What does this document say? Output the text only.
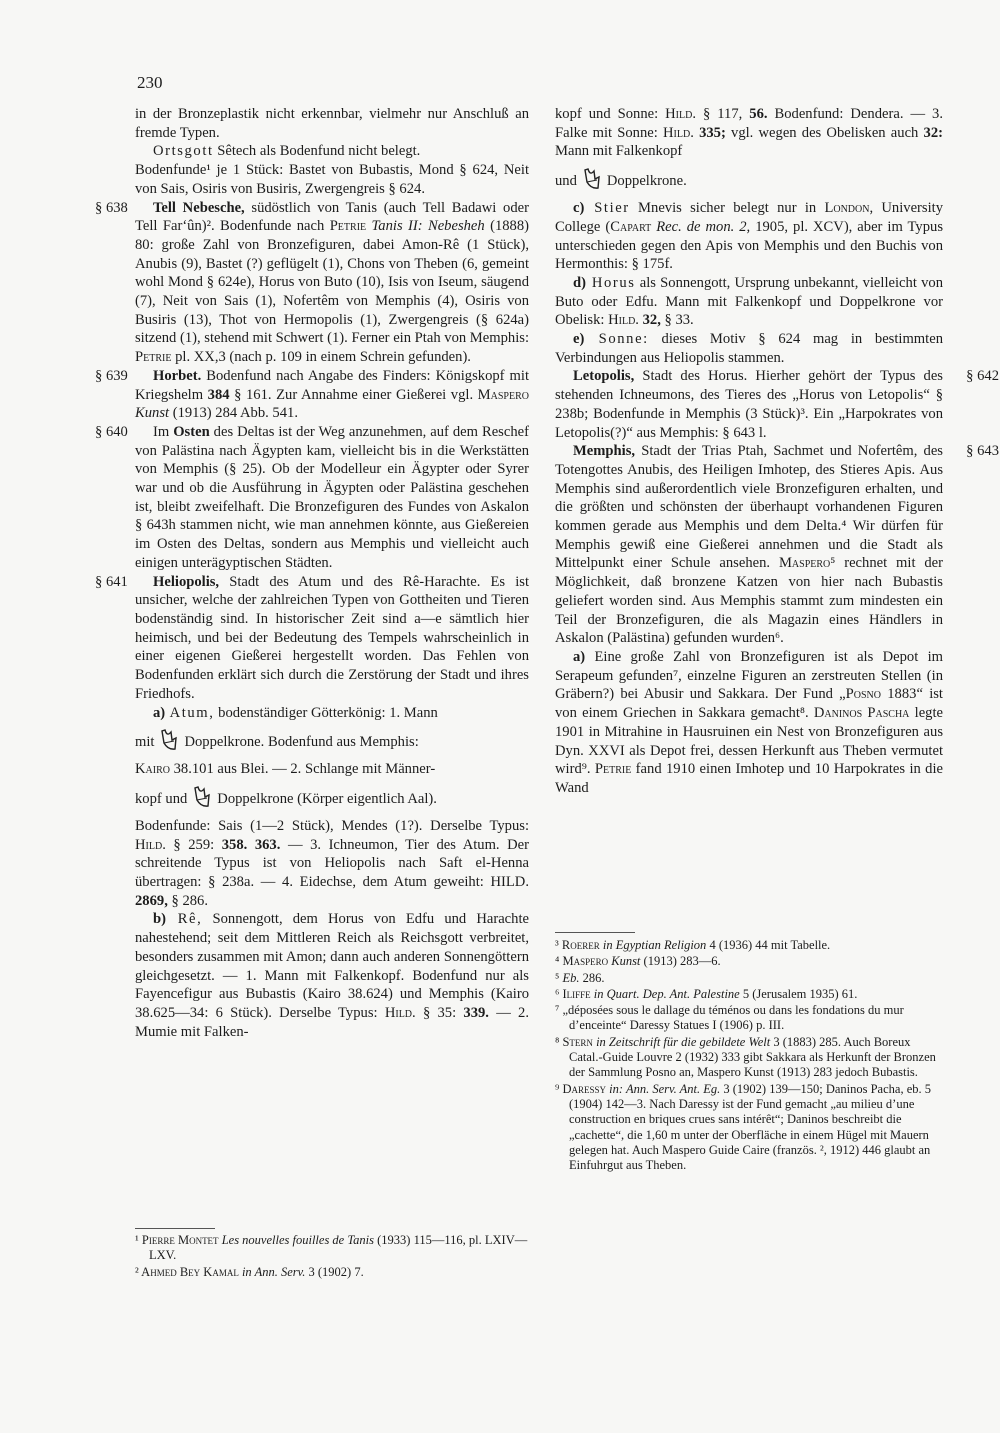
230

in der Bronzeplastik nicht erkennbar, vielmehr nur Anschluß an fremde Typen.

Ortsgott Sêtech als Bodenfund nicht belegt.

Bodenfunde¹ je 1 Stück: Bastet von Bubastis, Mond § 624, Neit von Sais, Osiris von Busiris, Zwergengreis § 624.

§ 638 Tell Nebesche, südöstlich von Tanis (auch Tell Badawi oder Tell Far‘ûn)². Bodenfunde nach Petrie Tanis II: Nebesheh (1888) 80: große Zahl von Bronzefiguren, dabei Amon-Rê (1 Stück), Anubis (9), Bastet (?) geflügelt (1), Chons von Theben (6, gemeint wohl Mond § 624e), Horus von Buto (10), Isis von Iseum, säugend (7), Neit von Sais (1), Nofertêm von Memphis (4), Osiris von Busiris (13), Thot von Hermopolis (1), Zwergengreis (§ 624a) sitzend (1), stehend mit Schwert (1). Ferner ein Ptah von Memphis: Petrie pl. XX,3 (nach p. 109 in einem Schrein gefunden).

§ 639 Horbet. Bodenfund nach Angabe des Finders: Königskopf mit Kriegshelm 384 § 161. Zur Annahme einer Gießerei vgl. Maspero Kunst (1913) 284 Abb. 541.

§ 640 Im Osten des Deltas ist der Weg anzunehmen, auf dem Reschef von Palästina nach Ägypten kam, vielleicht bis in die Werkstätten von Memphis (§ 25). Ob der Modelleur ein Ägypter oder Syrer war und ob die Ausführung in Ägypten oder Palästina geschehen ist, bleibt zweifelhaft. Die Bronzefiguren des Fundes von Askalon § 643h stammen nicht, wie man annehmen könnte, aus Gießereien im Osten des Deltas, sondern aus Memphis und vielleicht auch einigen unterägyptischen Städten.

§ 641 Heliopolis, Stadt des Atum und des Rê-Harachte. Es ist unsicher, welche der zahlreichen Typen von Gottheiten und Tieren bodenständig sind. In historischer Zeit sind a—e sämtlich hier heimisch, und bei der Bedeutung des Tempels wahrscheinlich in einer eigenen Gießerei hergestellt worden. Das Fehlen von Bodenfunden erklärt sich durch die Zerstörung der Stadt und ihres Friedhofs.

a) Atum, bodenständiger Götterkönig: 1. Mann

mit Doppelkrone. Bodenfund aus Memphis:

Kairo 38.101 aus Blei. — 2. Schlange mit Männer-

kopf und Doppelkrone (Körper eigentlich Aal).

Bodenfunde: Sais (1—2 Stück), Mendes (1?). Derselbe Typus: Hild. § 259: 358. 363. — 3. Ichneumon, Tier des Atum. Der schreitende Typus ist von Heliopolis nach Saft el-Henna übertragen: § 238a. — 4. Eidechse, dem Atum geweiht: HILD. 2869, § 286.

b) Rê, Sonnengott, dem Horus von Edfu und Harachte nahestehend; seit dem Mittleren Reich als Reichsgott verbreitet, besonders zusammen mit Amon; dann auch anderen Sonnengöttern gleichgesetzt. — 1. Mann mit Falkenkopf. Bodenfund nur als Fayencefigur aus Bubastis (Kairo 38.624) und Memphis (Kairo 38.625—34: 6 Stück). Derselbe Typus: Hild. § 35: 339. — 2. Mumie mit Falken-

¹ Pierre Montet Les nouvelles fouilles de Tanis (1933) 115—116, pl. LXIV—LXV.

² Ahmed Bey Kamal in Ann. Serv. 3 (1902) 7.

kopf und Sonne: Hild. § 117, 56. Bodenfund: Dendera. — 3. Falke mit Sonne: Hild. 335; vgl. wegen des Obelisken auch 32: Mann mit Falkenkopf

und Doppelkrone.

c) Stier Mnevis sicher belegt nur in London, University College (Capart Rec. de mon. 2, 1905, pl. XCV), aber im Typus unterschieden gegen den Apis von Memphis und den Buchis von Hermonthis: § 175f.

d) Horus als Sonnengott, Ursprung unbekannt, vielleicht von Buto oder Edfu. Mann mit Falkenkopf und Doppelkrone vor Obelisk: Hild. 32, § 33.

e) Sonne: dieses Motiv § 624 mag in bestimmten Verbindungen aus Heliopolis stammen.

§ 642
Letopolis, Stadt des Horus. Hierher gehört der Typus des stehenden Ichneumons, des Tieres des „Horus von Letopolis“ § 238b; Bodenfunde in Memphis (3 Stück)³. Ein „Harpokrates von Letopolis(?)“ aus Memphis: § 643 l.

§ 643
Memphis, Stadt der Trias Ptah, Sachmet und Nofertêm, des Totengottes Anubis, des Heiligen Imhotep, des Stieres Apis. Aus Memphis sind außerordentlich viele Bronzefiguren erhalten, und die größten und schönsten der überhaupt vorhandenen Figuren kommen gerade aus Memphis und dem Delta.⁴ Wir dürfen für Memphis gewiß eine Gießerei annehmen und die Stadt als Mittelpunkt einer Schule ansehen. Maspero⁵ rechnet mit der Möglichkeit, daß bronzene Katzen von hier nach Bubastis geliefert worden sind. Aus Memphis stammt zum mindesten ein Teil der Bronzefiguren, die als Magazin eines Händlers in Askalon (Palästina) gefunden wurden⁶.

a) Eine große Zahl von Bronzefiguren ist als Depot im Serapeum gefunden⁷, einzelne Figuren an zerstreuten Stellen (in Gräbern?) bei Abusir und Sakkara. Der Fund „Posno 1883“ ist von einem Griechen in Sakkara gemacht⁸. Daninos Pascha legte 1901 in Mitrahine in Hausruinen ein Nest von Bronzefiguren aus Dyn. XXVI als Depot frei, dessen Herkunft aus Theben vermutet wird⁹. Petrie fand 1910 einen Imhotep und 10 Harpokrates in die Wand

³ Roerer in Egyptian Religion 4 (1936) 44 mit Tabelle.

⁴ Maspero Kunst (1913) 283—6.

⁵ Eb. 286.

⁶ Iliffe in Quart. Dep. Ant. Palestine 5 (Jerusalem 1935) 61.

⁷ „déposées sous le dallage du téménos ou dans les fondations du mur d’enceinte“ Daressy Statues I (1906) p. III.

⁸ Stern in Zeitschrift für die gebildete Welt 3 (1883) 285. Auch Boreux Catal.-Guide Louvre 2 (1932) 333 gibt Sakkara als Herkunft der Bronzen der Sammlung Posno an, Maspero Kunst (1913) 283 jedoch Bubastis.

⁹ Daressy in: Ann. Serv. Ant. Eg. 3 (1902) 139—150; Daninos Pacha, eb. 5 (1904) 142—3. Nach Daressy ist der Fund gemacht „au milieu d’une construction en briques crues sans intérêt“; Daninos beschreibt die „cachette“, die 1,60 m unter der Oberfläche in einem Hügel mit Mauern gelegen hat. Auch Maspero Guide Caire (französ. ², 1912) 446 glaubt an Einfuhrgut aus Theben.
